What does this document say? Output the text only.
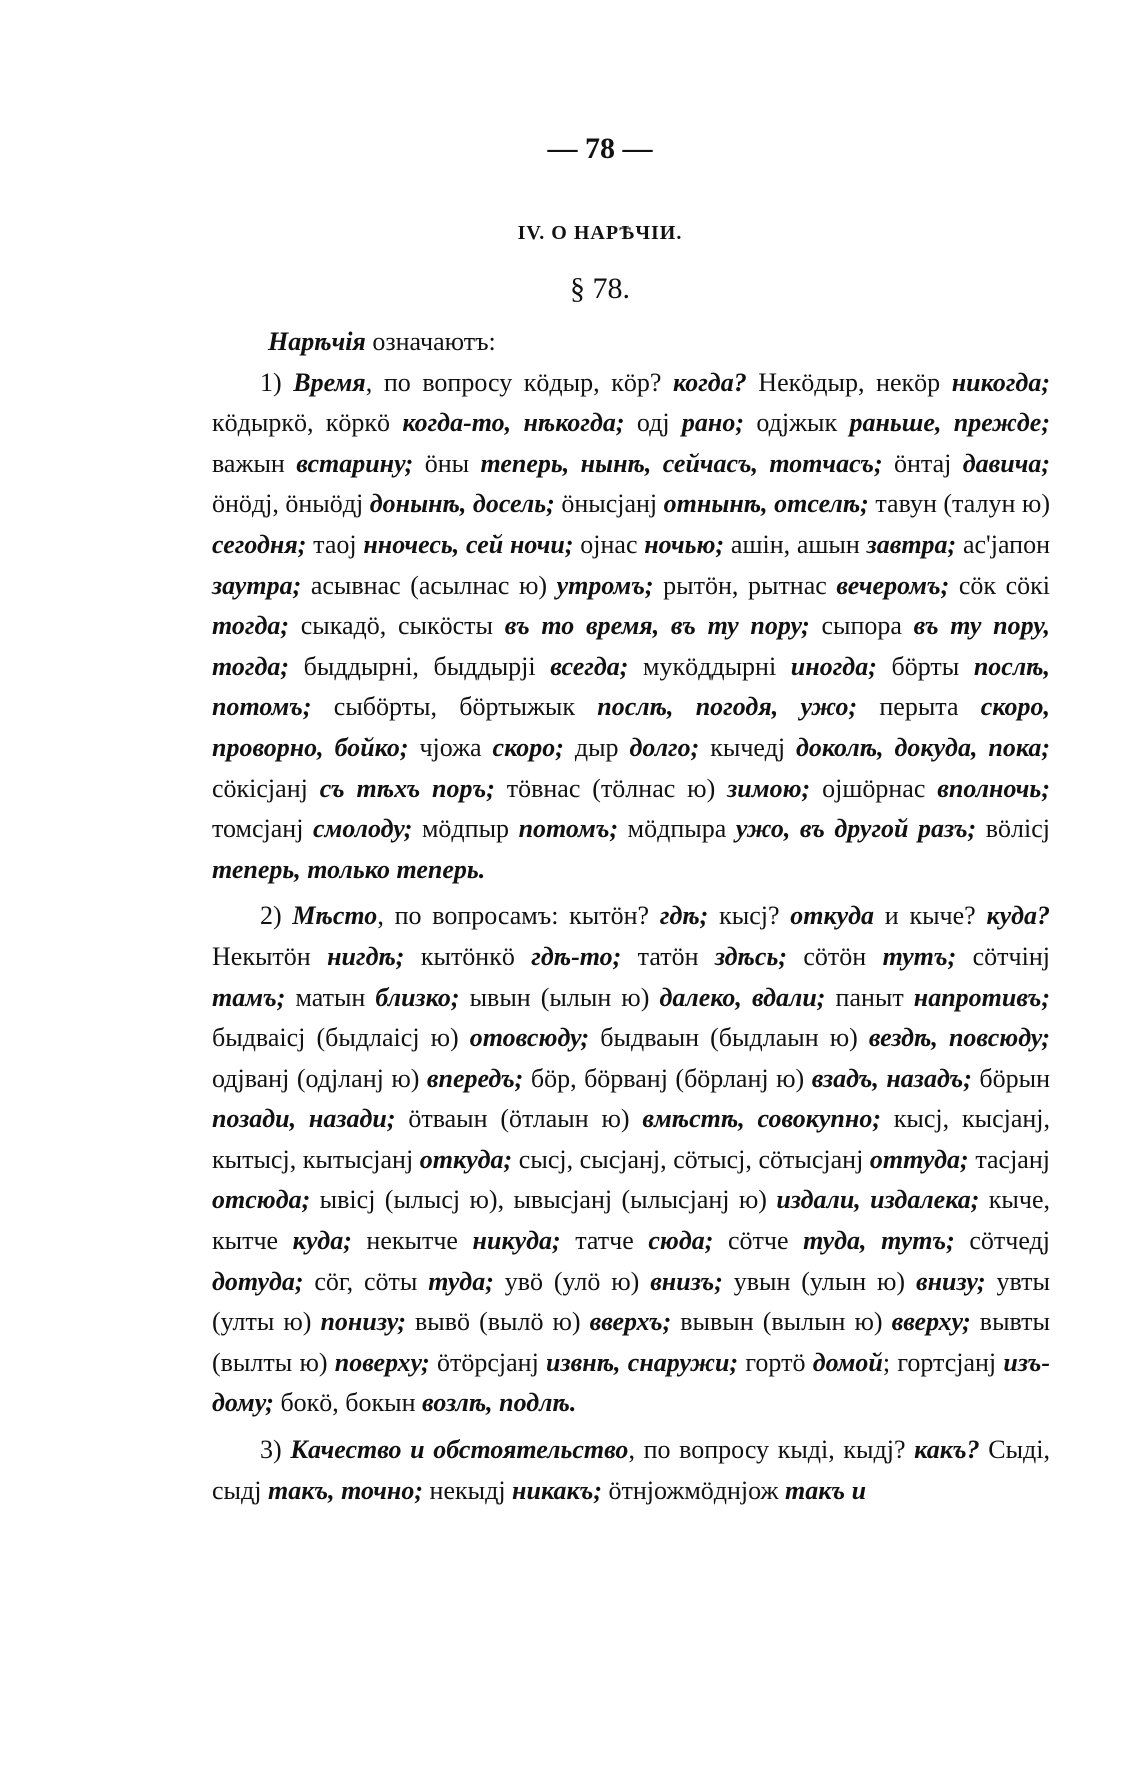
— 78 —
IV. О НАРѢЧІИ.
§ 78.

Нарѣчія означаютъ:

1) Время, по вопросу кöдыр, кöр? когда? Некöдыр, некöр никогда; кöдыркö, кöркö когда-то, нѣкогда; одј рано; одјжык раньше, прежде; важын встарину; öны теперь, нынѣ, сейчасъ, тотчасъ; öнтај давича; öнöдј, öныöдј донынѣ, досель; öнысјанј отнынѣ, отселѣ; тавун (талун ю) сегодня; таој нночесь, сей ночи; ојнас ночью; ашін, ашын завтра; ас'јапон заутра; асывнас (асылнас ю) утромъ; рытöн, рытнас вечеромъ; сöк сöкі тогда; сыкадö, сыкöсты въ то время, въ ту пору; сыпора въ ту пору, тогда; быддырні, быддырјі всегда; мукöддырні иногда; бöрты послѣ, потомъ; сыбöрты, бöртыжык послѣ, погодя, ужо; перыта скоро, проворно, бойко; чјожа скоро; дыр долго; кычедј доколѣ, докуда, пока; сöкісјанј съ тѣхъ поръ; тöвнас (тöлнас ю) зимою; ојшöрнас вполночь; томсјанј смолоду; мöдпыр потомъ; мöдпыра ужо, въ другой разъ; вöлісј теперь, только теперь.

2) Мѣсто, по вопросамъ: кытöн? гдѣ; кысј? откуда и кыче? куда? Некытöн нигдѣ; кытöнкö гдѣ-то; татöн здѣсь; сöтöн тутъ; сöтчінј тамъ; матын близко; ывын (ылын ю) далеко, вдали; паныт напротивъ; быдваісј (быдлаісј ю) отовсюду; быдваын (быдлаын ю) вездѣ, повсюду; одјванј (одјланј ю) впередъ; бöр, бöрванј (бöрланј ю) взадъ, назадъ; бöрын позади, назади; öтваын (öтлаын ю) вмѣстѣ, совокупно; кысј, кысјанј, кытысј, кытысјанј откуда; сысј, сысјанј, сöтысј, сöтысјанј оттуда; тасјанј отсюда; ывісј (ылысј ю), ывысјанј (ылысјанј ю) издали, издалека; кыче, кытче куда; некытче никуда; татче сюда; сöтче туда, тутъ; сöтчедј дотуда; сöг, сöты туда; увö (улö ю) внизъ; увын (улын ю) внизу; увты (улты ю) понизу; вывö (вылö ю) вверхъ; вывын (вылын ю) вверху; вывты (вылты ю) поверху; öтöрсјанј извнѣ, снаружи; гортö домой; гортсјанј изъ-дому; бокö, бокын возлѣ, подлѣ.

3) Качество и обстоятельство, по вопросу кыді, кыдј? какъ? Сыді, сыдј такъ, точно; некыдј никакъ; öтнјожмöднјож такъ и
